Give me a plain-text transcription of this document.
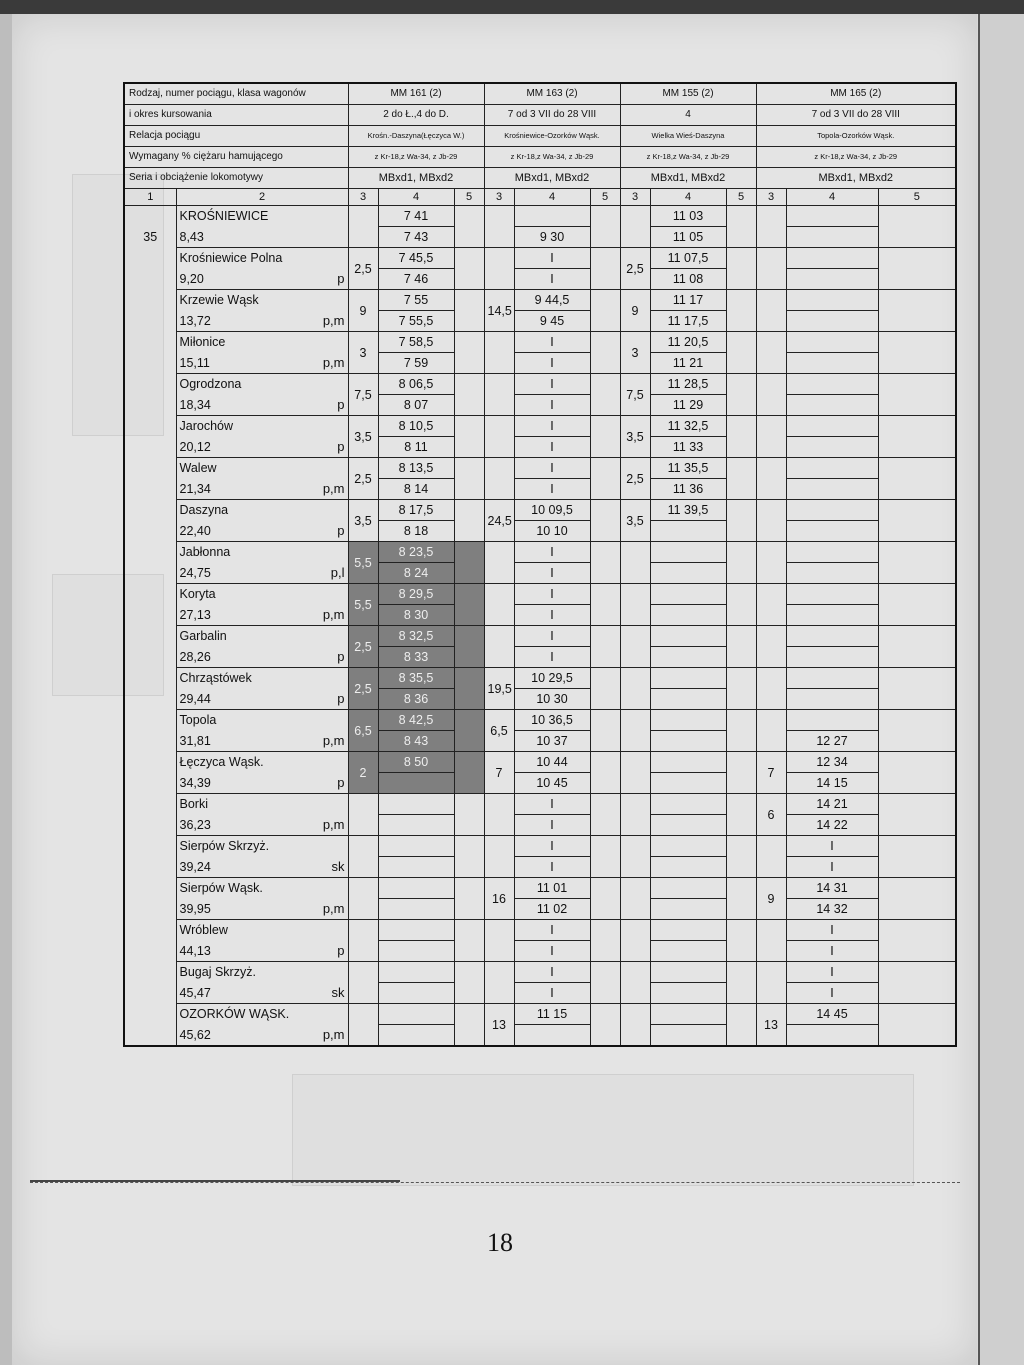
Rodzaj, numer pociągu, klasa wagonów		MM 161 (2)			MM 163 (2)			MM 155 (2)			MM 165 (2)		
i okres kursowania		2 do Ł.,4 do D.			7 od 3 VII do 28 VIII			4			7 od 3 VII do 28 VIII		
Relacja pociągu		Krośn.-Daszyna(Łęczyca W.)			Krośniewice-Ozorków Wąsk.			Wielka Wieś-Daszyna			Topola-Ozorków Wąsk.		
Wymagany % ciężaru hamującego		z Kr-18,z Wa-34, z Jb-29			z Kr-18,z Wa-34, z Jb-29			z Kr-18,z Wa-34, z Jb-29			z Kr-18,z Wa-34, z Jb-29		
Seria i obciążenie lokomotywy		MBxd1, MBxd2			MBxd1, MBxd2			MBxd1, MBxd2			MBxd1, MBxd2		
1	2	3	4	5	3	4	5	3	4	5	3	4	5
	KROŚNIEWICE		7 41						11 03				
35	8,43		7 43			9 30			11 05				
	Krośniewice Polna	2,5	7 45,5			I		2,5	11 07,5				
	9,20 p		7 46			I			11 08				
	Krzewie Wąsk	9	7 55		14,5	9 44,5		9	11 17				
	13,72 p,m		7 55,5			9 45			11 17,5				
	Miłonice	3	7 58,5			I		3	11 20,5				
	15,11 p,m		7 59			I			11 21				
	Ogrodzona	7,5	8 06,5			I		7,5	11 28,5				
	18,34 p		8 07			I			11 29				
	Jarochów	3,5	8 10,5			I		3,5	11 32,5				
	20,12 p		8 11			I			11 33				
	Walew	2,5	8 13,5			I		2,5	11 35,5				
	21,34 p,m		8 14			I			11 36				
	Daszyna	3,5	8 17,5		24,5	10 09,5		3,5	11 39,5				
	22,40 p		8 18			10 10							
	Jabłonna	5,5	8 23,5			I							
	24,75 p,l		8 24			I							
	Koryta	5,5	8 29,5			I							
	27,13 p,m		8 30			I							
	Garbalin	2,5	8 32,5			I							
	28,26 p		8 33			I							
	Chrząstówek	2,5	8 35,5		19,5	10 29,5							
	29,44 p		8 36			10 30							
	Topola	6,5	8 42,5		6,5	10 36,5							
	31,81 p,m		8 43			10 37						12 27	
	Łęczyca Wąsk.	2	8 50		7	10 44					7	12 34	
	34,39 p					10 45						14 15	
	Borki					I					6	14 21	
	36,23 p,m					I						14 22	
	Sierpów Skrzyż.					I						I	
	39,24 sk					I						I	
	Sierpów Wąsk.				16	11 01					9	14 31	
	39,95 p,m					11 02						14 32	
	Wróblew					I						I	
	44,13 p					I						I	
	Bugaj Skrzyż.					I						I	
	45,47 sk					I						I	
	OZORKÓW WĄSK.				13	11 15					13	14 45	
	45,62 p,m												

18
